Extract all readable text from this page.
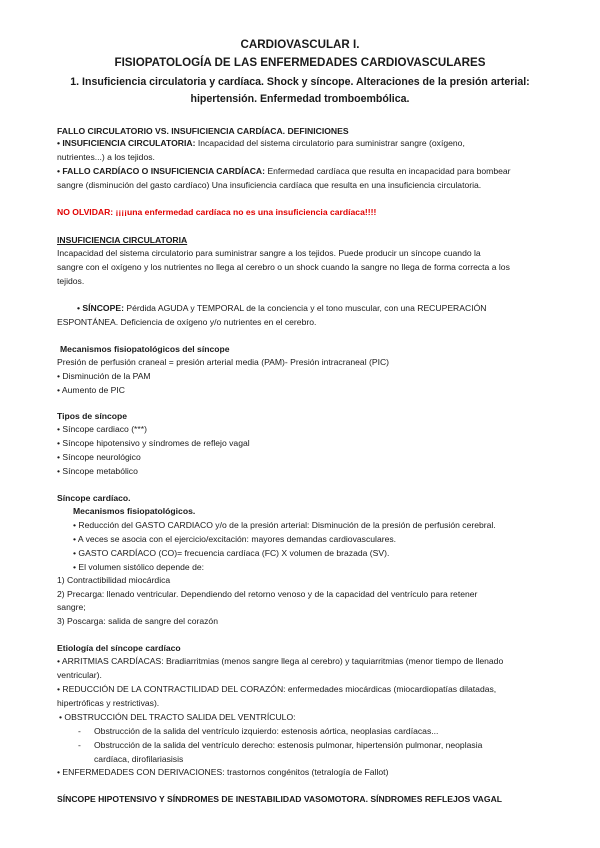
CARDIOVASCULAR I.
FISIOPATOLOGÍA DE LAS ENFERMEDADES CARDIOVASCULARES
1. Insuficiencia circulatoria y cardíaca. Shock y síncope. Alteraciones de la presión arterial:
hipertensión. Enfermedad tromboembólica.
FALLO CIRCULATORIO VS. INSUFICIENCIA CARDÍACA. DEFINICIONES
• INSUFICIENCIA CIRCULATORIA: Incapacidad del sistema circulatorio para suministrar sangre (oxígeno,
nutrientes...) a los tejidos.
• FALLO CARDÍACO O INSUFICIENCIA CARDÍACA: Enfermedad cardíaca que resulta en incapacidad para bombear
sangre (disminución del gasto cardíaco) Una insuficiencia cardíaca que resulta en una insuficiencia circulatoria.
NO OLVIDAR: ¡¡¡¡una enfermedad cardíaca no es una insuficiencia cardíaca!!!!
INSUFICIENCIA CIRCULATORIA
Incapacidad del sistema circulatorio para suministrar sangre a los tejidos. Puede producir un síncope cuando la
sangre con el oxígeno y los nutrientes no llega al cerebro o un shock cuando la sangre no llega de forma correcta a los
tejidos.
• SÍNCOPE: Pérdida AGUDA y TEMPORAL de la conciencia y el tono muscular, con una RECUPERACIÓN
ESPONTÁNEA. Deficiencia de oxígeno y/o nutrientes en el cerebro.
Mecanismos fisiopatológicos del síncope
Presión de perfusión craneal = presión arterial media (PAM)- Presión intracraneal (PIC)
• Disminución de la PAM
• Aumento de PIC
Tipos de síncope
• Síncope cardiaco (***)
• Síncope hipotensivo y síndromes de reflejo vagal
• Síncope neurológico
• Síncope metabólico
Síncope cardíaco.
Mecanismos fisiopatológicos.
• Reducción del GASTO CARDIACO y/o de la presión arterial: Disminución de la presión de perfusión cerebral.
• A veces se asocia con el ejercicio/excitación: mayores demandas cardiovasculares.
• GASTO CARDÍACO (CO)= frecuencia cardíaca (FC) X volumen de brazada (SV).
• El volumen sistólico depende de:
1) Contractibilidad miocárdica
2) Precarga: llenado ventricular. Dependiendo del retorno venoso y de la capacidad del ventrículo para retener
sangre;
3) Poscarga: salida de sangre del corazón
Etiología del síncope cardíaco
• ARRITMIAS CARDÍACAS: Bradiarritmias (menos sangre llega al cerebro) y taquiarritmias (menor tiempo de llenado
ventricular).
• REDUCCIÓN DE LA CONTRACTILIDAD DEL CORAZÓN: enfermedades miocárdicas (miocardiopatías dilatadas,
hipertróficas y restrictivas).
• OBSTRUCCIÓN DEL TRACTO SALIDA DEL VENTRÍCULO:
- Obstrucción de la salida del ventrículo izquierdo: estenosis aórtica, neoplasias cardíacas...
- Obstrucción de la salida del ventrículo derecho: estenosis pulmonar, hipertensión pulmonar, neoplasia
cardíaca, dirofilariasisis
• ENFERMEDADES CON DERIVACIONES: trastornos congénitos (tetralogía de Fallot)
SÍNCOPE HIPOTENSIVO Y SÍNDROMES DE INESTABILIDAD VASOMOTORA. SÍNDROMES REFLEJOS VAGAL
